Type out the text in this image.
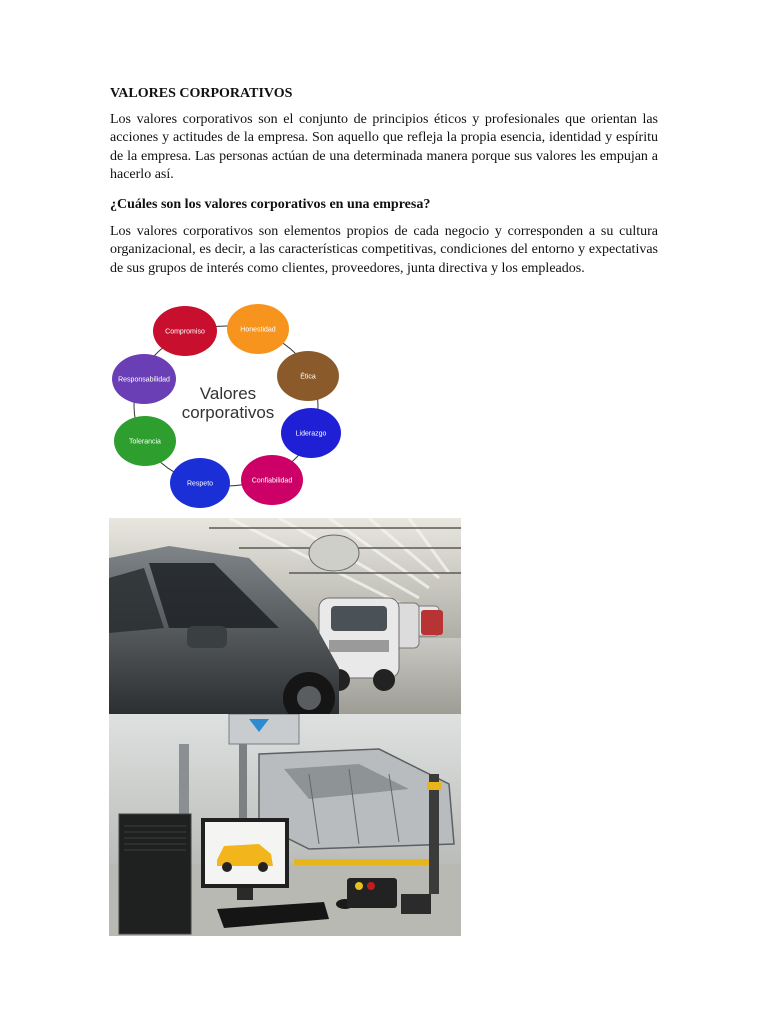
VALORES CORPORATIVOS
Los valores corporativos son el conjunto de principios éticos y profesionales que orientan las acciones y actitudes de la empresa. Son aquello que refleja la propia esencia, identidad y espíritu de la empresa. Las personas actúan de una determinada manera porque sus valores les empujan a hacerlo así.
¿Cuáles son los valores corporativos en una empresa?
Los valores corporativos son elementos propios de cada negocio y corresponden a su cultura organizacional, es decir, a las características competitivas, condiciones del entorno y expectativas de sus grupos de interés como clientes, proveedores, junta directiva y los empleados.
Compromiso	Honestidad
Ética
Liderazgo
Confiabilidad
Respeto
Tolerancia
Responsabilidad
Valores
corporativos
